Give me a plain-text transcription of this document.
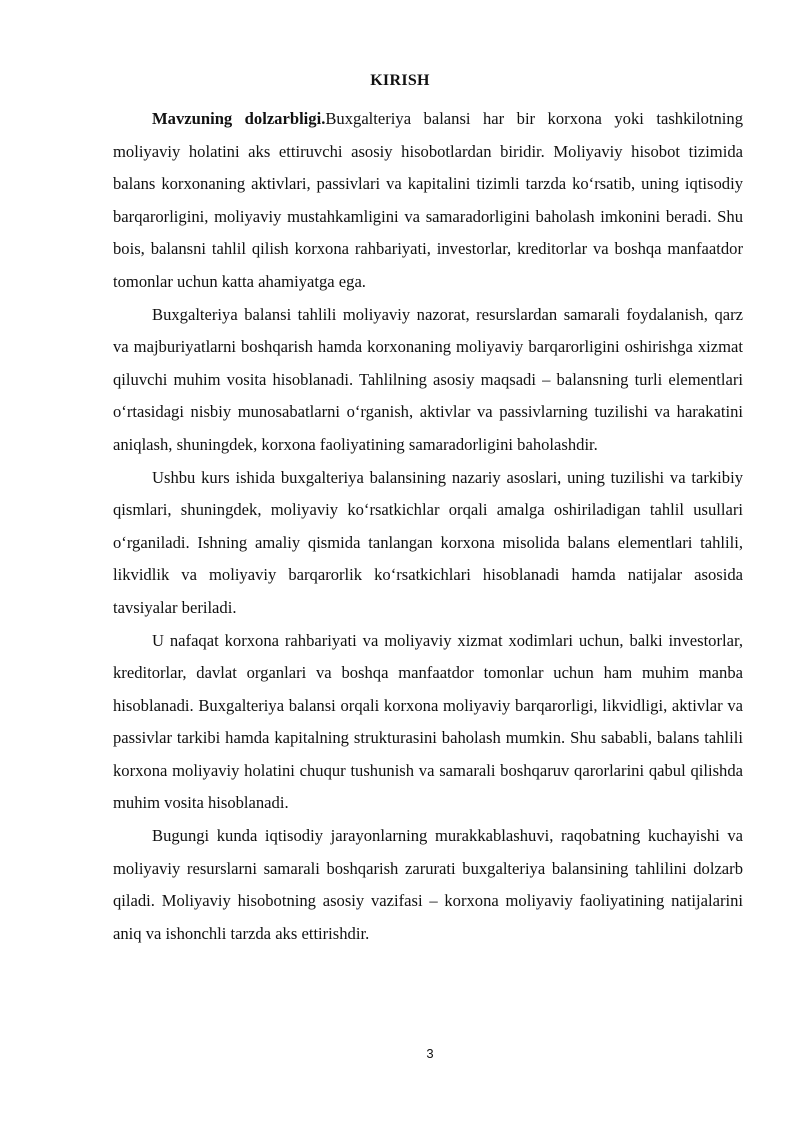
KIRISH

Mavzuning dolzarbligi.Buxgalteriya balansi har bir korxona yoki tashkilotning moliyaviy holatini aks ettiruvchi asosiy hisobotlardan biridir. Moliyaviy hisobot tizimida balans korxonaning aktivlari, passivlari va kapitalini tizimli tarzda ko‘rsatib, uning iqtisodiy barqarorligini, moliyaviy mustahkamligini va samaradorligini baholash imkonini beradi. Shu bois, balansni tahlil qilish korxona rahbariyati, investorlar, kreditorlar va boshqa manfaatdor tomonlar uchun katta ahamiyatga ega.

Buxgalteriya balansi tahlili moliyaviy nazorat, resurslardan samarali foydalanish, qarz va majburiyatlarni boshqarish hamda korxonaning moliyaviy barqarorligini oshirishga xizmat qiluvchi muhim vosita hisoblanadi. Tahlilning asosiy maqsadi – balansning turli elementlari o‘rtasidagi nisbiy munosabatlarni o‘rganish, aktivlar va passivlarning tuzilishi va harakatini aniqlash, shuningdek, korxona faoliyatining samaradorligini baholashdir.

Ushbu kurs ishida buxgalteriya balansining nazariy asoslari, uning tuzilishi va tarkibiy qismlari, shuningdek, moliyaviy ko‘rsatkichlar orqali amalga oshiriladigan tahlil usullari o‘rganiladi. Ishning amaliy qismida tanlangan korxona misolida balans elementlari tahlili, likvidlik va moliyaviy barqarorlik ko‘rsatkichlari hisoblanadi hamda natijalar asosida tavsiyalar beriladi.

U nafaqat korxona rahbariyati va moliyaviy xizmat xodimlari uchun, balki investorlar, kreditorlar, davlat organlari va boshqa manfaatdor tomonlar uchun ham muhim manba hisoblanadi. Buxgalteriya balansi orqali korxona moliyaviy barqarorligi, likvidligi, aktivlar va passivlar tarkibi hamda kapitalning strukturasini baholash mumkin. Shu sababli, balans tahlili korxona moliyaviy holatini chuqur tushunish va samarali boshqaruv qarorlarini qabul qilishda muhim vosita hisoblanadi.

Bugungi kunda iqtisodiy jarayonlarning murakkablashuvi, raqobatning kuchayishi va moliyaviy resurslarni samarali boshqarish zarurati buxgalteriya balansining tahlilini dolzarb qiladi. Moliyaviy hisobotning asosiy vazifasi – korxona moliyaviy faoliyatining natijalarini aniq va ishonchli tarzda aks ettirishdir.

3
